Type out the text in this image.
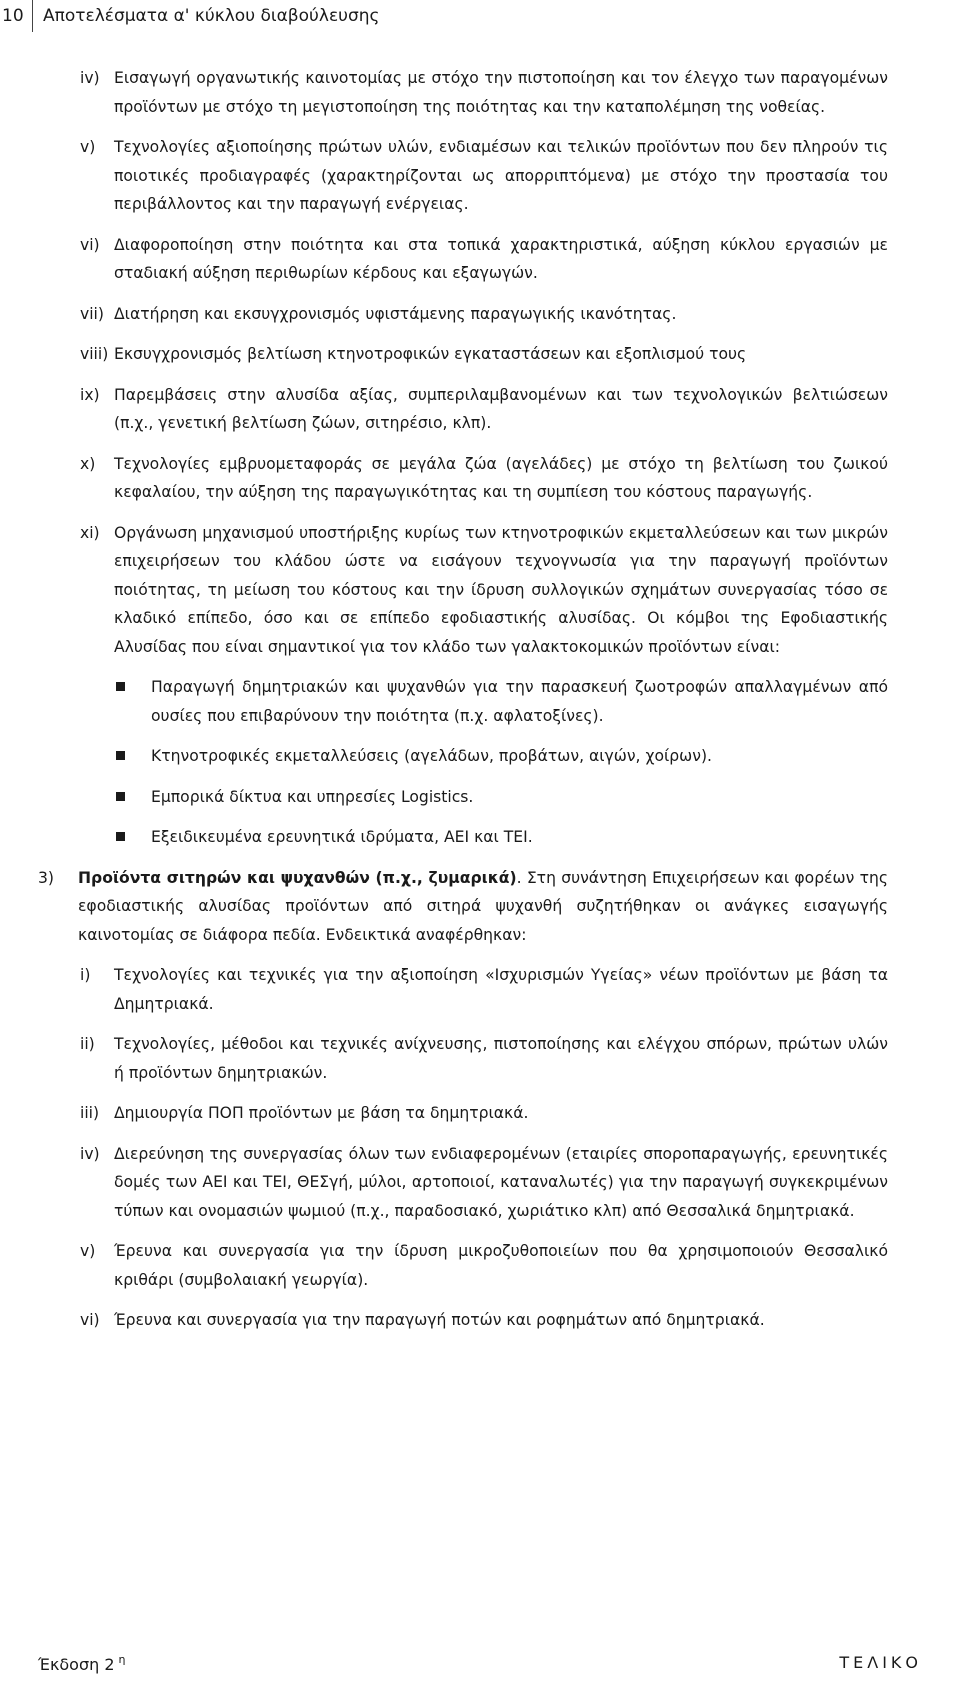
10	Αποτελέσματα α' κύκλου διαβούλευσης
iv) Εισαγωγή οργανωτικής καινοτομίας με στόχο την πιστοποίηση και τον έλεγχο των παραγομένων προϊόντων με στόχο τη μεγιστοποίηση της ποιότητας και την καταπολέμηση της νοθείας.
v)	Τεχνολογίες αξιοποίησης πρώτων υλών, ενδιαμέσων και τελικών προϊόντων που δεν πληρούν τις ποιοτικές προδιαγραφές (χαρακτηρίζονται ως απορριπτόμενα) με στόχο την προστασία του περιβάλλοντος και την παραγωγή ενέργειας.
vi) Διαφοροποίηση στην ποιότητα και στα τοπικά χαρακτηριστικά, αύξηση κύκλου εργασιών με σταδιακή αύξηση περιθωρίων κέρδους και εξαγωγών.
vii) Διατήρηση και εκσυγχρονισμός υφιστάμενης παραγωγικής ικανότητας.
viii) Εκσυγχρονισμός βελτίωση κτηνοτροφικών εγκαταστάσεων και εξοπλισμού τους
ix) Παρεμβάσεις στην αλυσίδα αξίας, συμπεριλαμβανομένων και των τεχνολογικών βελτιώσεων (π.χ., γενετική βελτίωση ζώων, σιτηρέσιο, κλπ).
x)	Τεχνολογίες εμβρυομεταφοράς σε μεγάλα ζώα (αγελάδες) με στόχο τη βελτίωση του ζωικού κεφαλαίου, την αύξηση της παραγωγικότητας και τη συμπίεση του κόστους παραγωγής.
xi) Οργάνωση μηχανισμού υποστήριξης κυρίως των κτηνοτροφικών εκμεταλλεύσεων και των μικρών επιχειρήσεων του κλάδου ώστε να εισάγουν τεχνογνωσία για την παραγωγή προϊόντων ποιότητας, τη μείωση του κόστους και την ίδρυση συλλογικών σχημάτων συνεργασίας τόσο σε κλαδικό επίπεδο, όσο και σε επίπεδο εφοδιαστικής αλυσίδας. Οι κόμβοι της Εφοδιαστικής Αλυσίδας που είναι σημαντικοί για τον κλάδο των γαλακτοκομικών προϊόντων είναι:
Παραγωγή δημητριακών και ψυχανθών για την παρασκευή ζωοτροφών απαλλαγμένων από ουσίες που επιβαρύνουν την ποιότητα (π.χ. αφλατοξίνες).
Κτηνοτροφικές εκμεταλλεύσεις (αγελάδων, προβάτων, αιγών, χοίρων).
Εμπορικά δίκτυα και υπηρεσίες Logistics.
Εξειδικευμένα ερευνητικά ιδρύματα, ΑΕΙ και ΤΕΙ.
3)	Προϊόντα σιτηρών και ψυχανθών (π.χ., ζυμαρικά). Στη συνάντηση Επιχειρήσεων και φορέων της εφοδιαστικής αλυσίδας προϊόντων από σιτηρά ψυχανθή συζητήθηκαν οι ανάγκες εισαγωγής καινοτομίας σε διάφορα πεδία. Ενδεικτικά αναφέρθηκαν:
i)	Τεχνολογίες και τεχνικές για την αξιοποίηση «Ισχυρισμών Υγείας» νέων προϊόντων με βάση τα Δημητριακά.
ii)	Τεχνολογίες, μέθοδοι και τεχνικές ανίχνευσης, πιστοποίησης και ελέγχου σπόρων, πρώτων υλών ή προϊόντων δημητριακών.
iii) Δημιουργία ΠΟΠ προϊόντων με βάση τα δημητριακά.
iv) Διερεύνηση της συνεργασίας όλων των ενδιαφερομένων (εταιρίες σποροπαραγωγής, ερευνητικές δομές των ΑΕΙ και ΤΕΙ, ΘΕΣγή, μύλοι, αρτοποιοί, καταναλωτές) για την παραγωγή συγκεκριμένων τύπων και ονομασιών ψωμιού (π.χ., παραδοσιακό, χωριάτικο κλπ) από Θεσσαλικά δημητριακά.
v)	Έρευνα και συνεργασία για την ίδρυση μικροζυθοποιείων που θα χρησιμοποιούν Θεσσαλικό κριθάρι (συμβολαιακή γεωργία).
vi) Έρευνα και συνεργασία για την παραγωγή ποτών και ροφημάτων από δημητριακά.
Έκδοση 2 $^\eta$	ΤΕΛΙΚΟ
